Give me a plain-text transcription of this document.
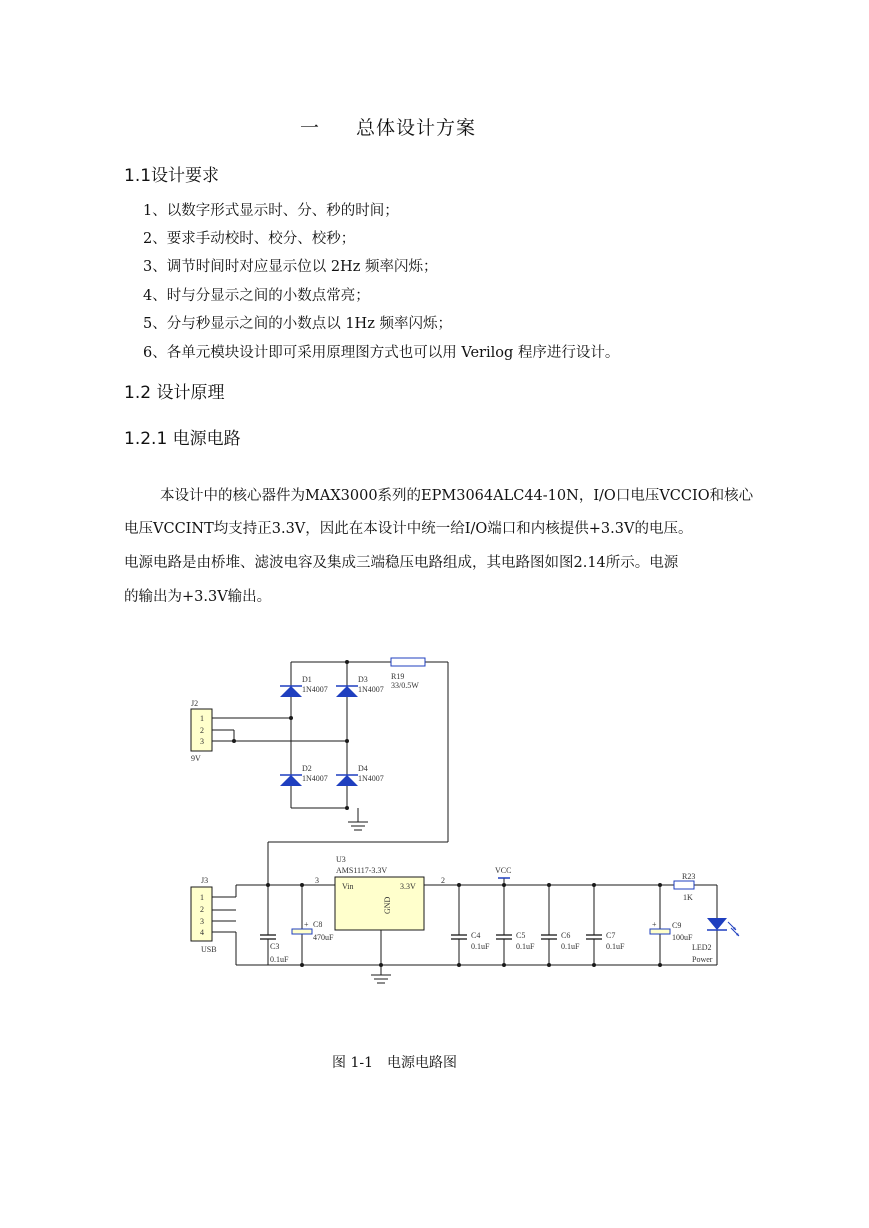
一 总体设计方案
1.1设计要求
1、以数字形式显示时、分、秒的时间；
2、要求手动校时、校分、校秒；
3、调节时间时对应显示位以 2Hz 频率闪烁；
4、时与分显示之间的小数点常亮；
5、分与秒显示之间的小数点以 1Hz 频率闪烁；
6、各单元模块设计即可采用原理图方式也可以用 Verilog 程序进行设计。
1.2 设计原理
1.2.1 电源电路
本设计中的核心器件为MAX3000系列的EPM3064ALC44-10N，I/O口电压VCCIO和核心
电压VCCINT均支持正3.3V，因此在本设计中统一给I/O端口和内核提供+3.3V的电压。
电源电路是由桥堆、滤波电容及集成三端稳压电路组成，其电路图如图2.14所示。电源
的输出为+3.3V输出。
D1
1N4007
D3
1N4007
D2
1N4007
D4
1N4007
R19
33/0.5W
J2
1
2
3
9V
J3
1
2
3
4
USB
U3
AMS1117-3.3V
Vin	3.3V
GND
3	2
VCC
C3
0.1uF
+ C8
470uF	C4
0.1uF
C5
0.1uF
C6
0.1uF
C7
0.1uF
+ C9
100uF
R23
1K
LED2
Power
图 1-1 电源电路图
